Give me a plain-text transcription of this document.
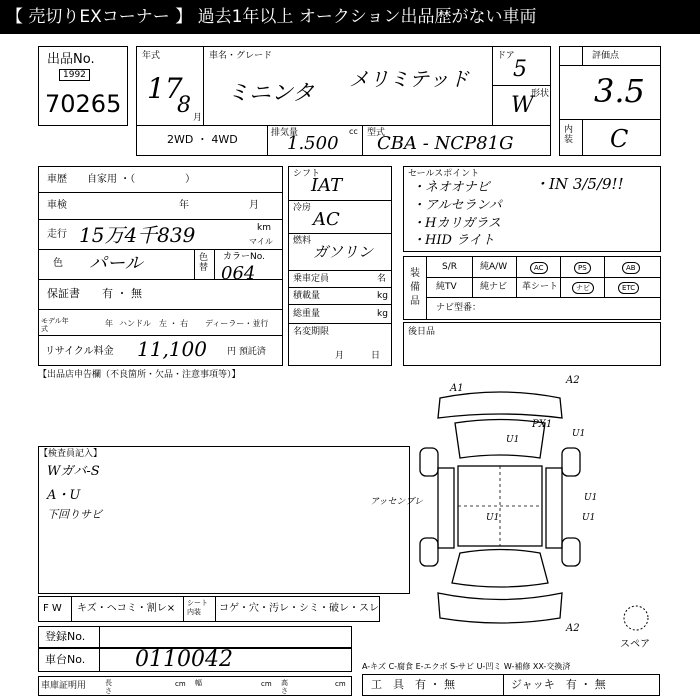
【 売切りEXコーナー 】 過去1年以上 オークション出品歴がない車両
出品No.
1992
70265
年式
17
8 月
車名・グレード
ミニンタ
メリミテッド
ドア
5
形状
W
2WD ・ 4WD	排気量
1.500
cc 型式
CBA - NCP81G
評価点
3.5
内装 C
車歴　　自家用 ・（　　　　　）
車検	年	月
走行 15万4千839	km
マイル
色 パール	色替
カラーNo.
064
保証書　　有 ・ 無
モデル年式
年 ハンドル　左 ・ 右 ディーラー・並行
リサイクル料金 11,100 円 預託済
シフト
IAT
冷房
AC
燃料
ガソリン
乗車定員	名
積載量	kg
総重量	kg
名変期限
月　　　日
セールスポイント
・ネオオナビ
・アルセランパ
・Hカリガラス
・HID ライト
・IN 3/5/9!!
装備品
S/R	純A/W	AC	PS	AB
純TV	純ナビ 革シート	ナビ	ETC
ナビ型番：
後日品
【出品店申告欄（不良箇所・欠品・注意事項等）】
【検査員記入】
Wガバ-S
A・U
下回りサビ
A1
A2
PX1
U1
U1
U1
U1	U1
A2
アッセンブレ
スペア
F W キズ・ヘコミ・割レ× シート内装	コゲ・穴・汚レ・シミ・破レ・スレ
登録No.
車台No. 0110042
車庫証明用	長さ
cm 幅	cm 高さ
cm
A-キズ C-腐食 E-エクボ S-サビ U-凹ミ W-補修 XX-交換済
工　具　有 ・ 無	ジャッキ　有 ・ 無
